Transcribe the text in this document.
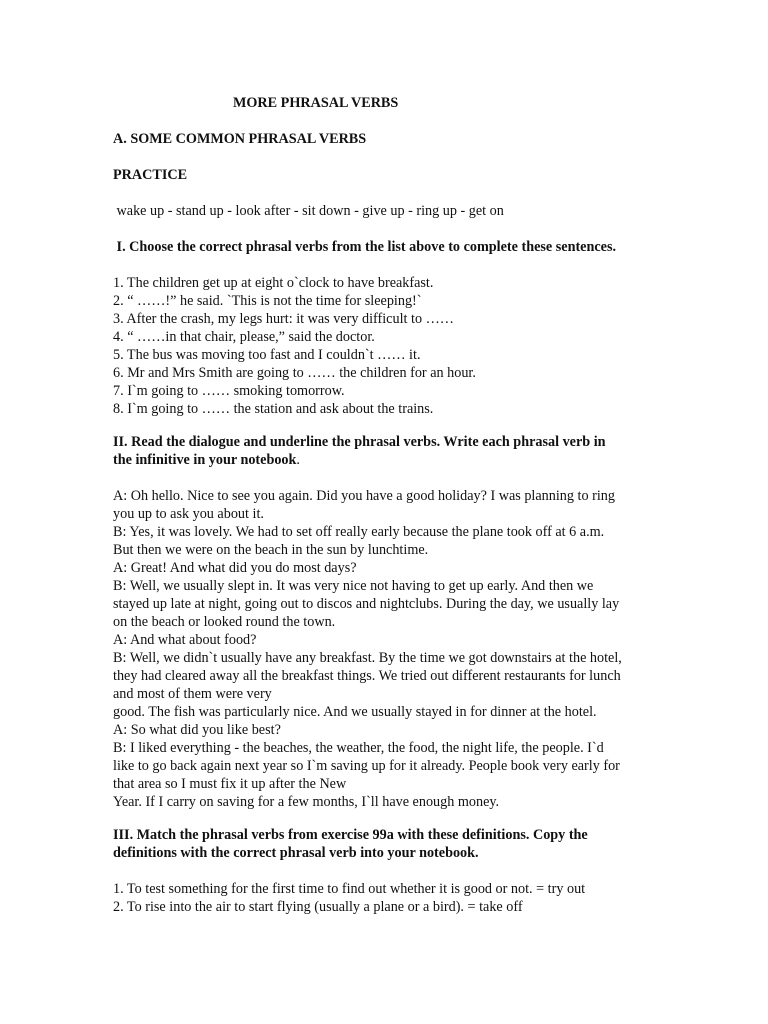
MORE PHRASAL VERBS
A. SOME COMMON PHRASAL VERBS
PRACTICE
wake up - stand up - look after - sit down - give up - ring up - get on
I. Choose the correct phrasal verbs from the list above to complete these sentences.
1. The children get up at eight o`clock to have breakfast.
2. “ ……!” he said. `This is not the time for sleeping!`
3. After the crash, my legs hurt: it was very difficult to ……
4. “ ……in that chair, please,” said the doctor.
5. The bus was moving too fast and I couldn`t …… it.
6. Mr and Mrs Smith are going to …… the children for an hour.
7. I`m going to …… smoking tomorrow.
8. I`m going to …… the station and ask about the trains.
II. Read the dialogue and underline the phrasal verbs. Write each phrasal verb in
the infinitive in your notebook.
A: Oh hello. Nice to see you again. Did you have a good holiday? I was planning to ring
you up to ask you about it.
B: Yes, it was lovely. We had to set off really early because the plane took off at 6 a.m.
But then we were on the beach in the sun by lunchtime.
A: Great! And what did you do most days?
B: Well, we usually slept in. It was very nice not having to get up early. And then we
stayed up late at night, going out to discos and nightclubs. During the day, we usually lay
on the beach or looked round the town.
A: And what about food?
B: Well, we didn`t usually have any breakfast. By the time we got downstairs at the hotel,
they had cleared away all the breakfast things. We tried out different restaurants for lunch
and most of them were very
good. The fish was particularly nice. And we usually stayed in for dinner at the hotel.
A: So what did you like best?
B: I liked everything - the beaches, the weather, the food, the night life, the people. I`d
like to go back again next year so I`m saving up for it already. People book very early for
that area so I must fix it up after the New
Year. If I carry on saving for a few months, I`ll have enough money.
III. Match the phrasal verbs from exercise 99a with these definitions. Copy the
definitions with the correct phrasal verb into your notebook.
1. To test something for the first time to find out whether it is good or not. = try out
2. To rise into the air to start flying (usually a plane or a bird). = take off
